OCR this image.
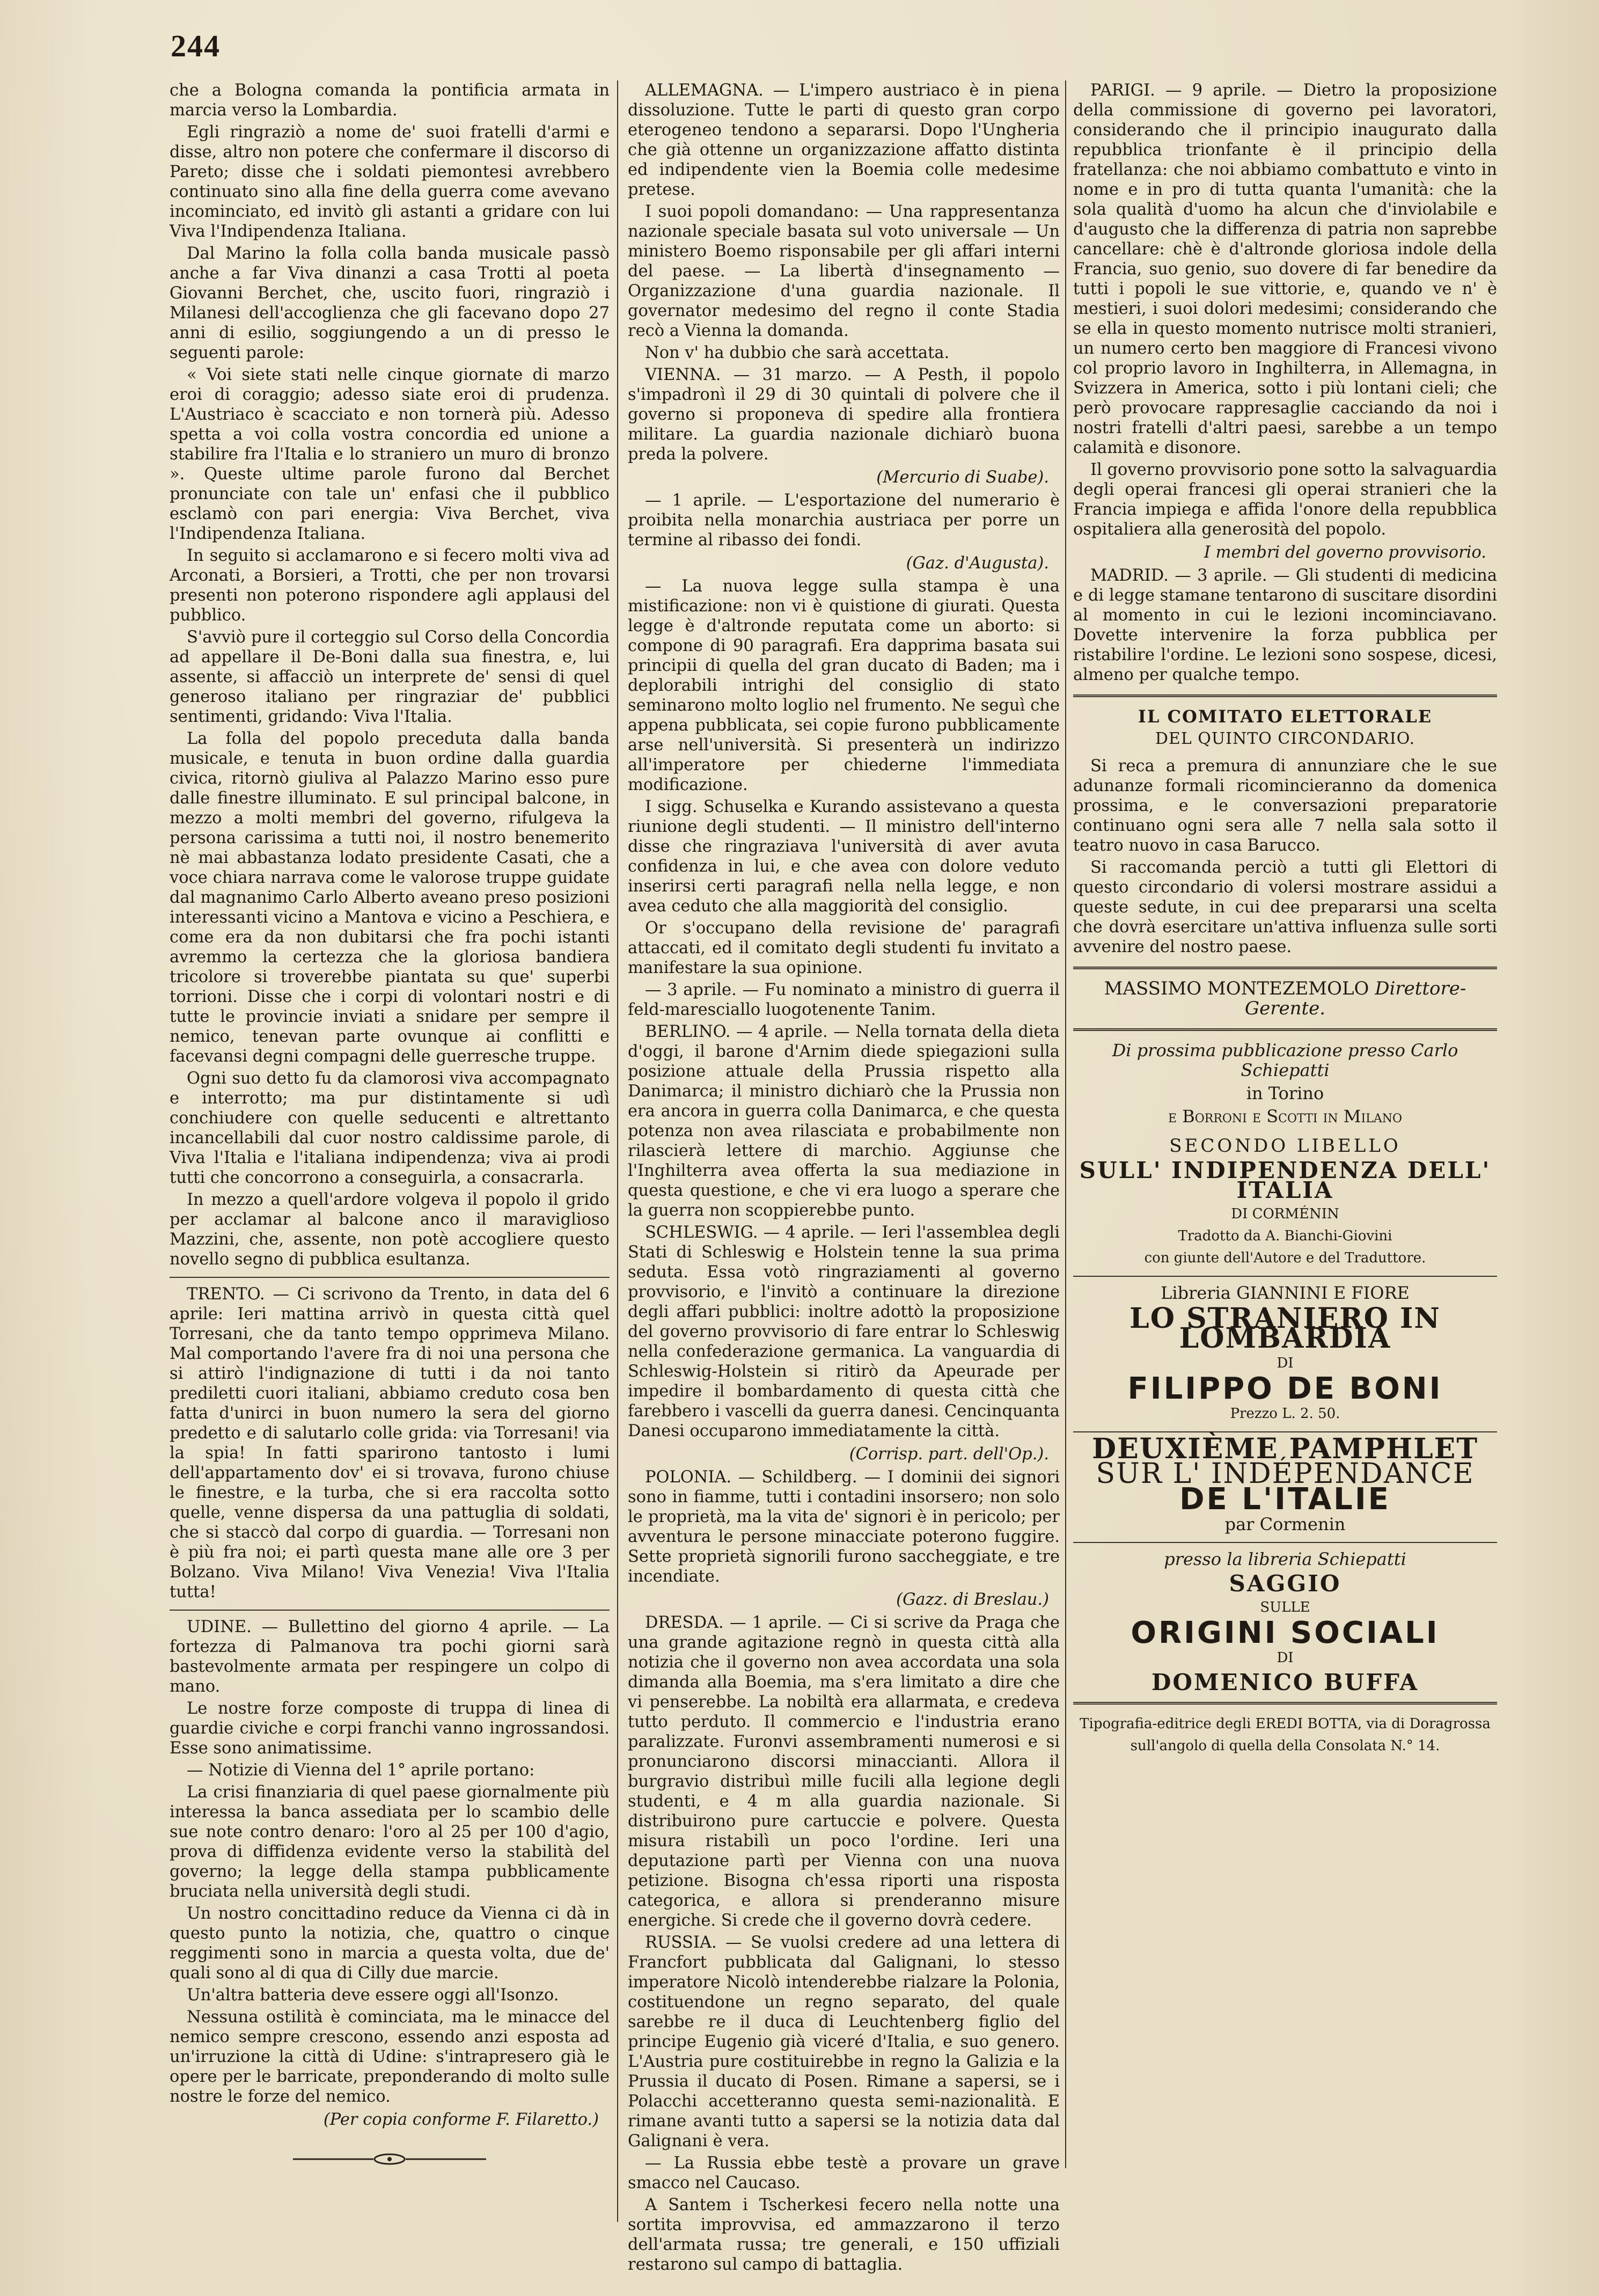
244

che a Bologna comanda la pontificia armata in marcia verso la Lombardia.

Egli ringraziò a nome de' suoi fratelli d'armi e disse, altro non potere che confermare il discorso di Pareto; disse che i soldati piemontesi avrebbero continuato sino alla fine della guerra come avevano incominciato, ed invitò gli astanti a gridare con lui Viva l'Indipendenza Italiana.

Dal Marino la folla colla banda musicale passò anche a far Viva dinanzi a casa Trotti al poeta Giovanni Berchet, che, uscito fuori, ringraziò i Milanesi dell'accoglienza che gli facevano dopo 27 anni di esilio, soggiungendo a un di presso le seguenti parole:

« Voi siete stati nelle cinque giornate di marzo eroi di coraggio; adesso siate eroi di prudenza. L'Austriaco è scacciato e non tornerà più. Adesso spetta a voi colla vostra concordia ed unione a stabilire fra l'Italia e lo straniero un muro di bronzo ». Queste ultime parole furono dal Berchet pronunciate con tale un' enfasi che il pubblico esclamò con pari energia: Viva Berchet, viva l'Indipendenza Italiana.

In seguito si acclamarono e si fecero molti viva ad Arconati, a Borsieri, a Trotti, che per non trovarsi presenti non poterono rispondere agli applausi del pubblico.

S'avviò pure il corteggio sul Corso della Concordia ad appellare il De-Boni dalla sua finestra, e, lui assente, si affacciò un interprete de' sensi di quel generoso italiano per ringraziar de' pubblici sentimenti, gridando: Viva l'Italia.

La folla del popolo preceduta dalla banda musicale, e tenuta in buon ordine dalla guardia civica, ritornò giuliva al Palazzo Marino esso pure dalle finestre illuminato. E sul principal balcone, in mezzo a molti membri del governo, rifulgeva la persona carissima a tutti noi, il nostro benemerito nè mai abbastanza lodato presidente Casati, che a voce chiara narrava come le valorose truppe guidate dal magnanimo Carlo Alberto aveano preso posizioni interessanti vicino a Mantova e vicino a Peschiera, e come era da non dubitarsi che fra pochi istanti avremmo la certezza che la gloriosa bandiera tricolore si troverebbe piantata su que' superbi torrioni. Disse che i corpi di volontari nostri e di tutte le provincie inviati a snidare per sempre il nemico, tenevan parte ovunque ai conflitti e facevansi degni compagni delle guerresche truppe.

Ogni suo detto fu da clamorosi viva accompagnato e interrotto; ma pur distintamente si udì conchiudere con quelle seducenti e altrettanto incancellabili dal cuor nostro caldissime parole, di Viva l'Italia e l'italiana indipendenza; viva ai prodi tutti che concorrono a conseguirla, a consacrarla.

In mezzo a quell'ardore volgeva il popolo il grido per acclamar al balcone anco il maraviglioso Mazzini, che, assente, non potè accogliere questo novello segno di pubblica esultanza.

TRENTO. — Ci scrivono da Trento, in data del 6 aprile: Ieri mattina arrivò in questa città quel Torresani, che da tanto tempo opprimeva Milano. Mal comportando l'avere fra di noi una persona che si attirò l'indignazione di tutti i da noi tanto prediletti cuori italiani, abbiamo creduto cosa ben fatta d'unirci in buon numero la sera del giorno predetto e di salutarlo colle grida: via Torresani! via la spia! In fatti sparirono tantosto i lumi dell'appartamento dov' ei si trovava, furono chiuse le finestre, e la turba, che si era raccolta sotto quelle, venne dispersa da una pattuglia di soldati, che si staccò dal corpo di guardia. — Torresani non è più fra noi; ei partì questa mane alle ore 3 per Bolzano. Viva Milano! Viva Venezia! Viva l'Italia tutta!

UDINE. — Bullettino del giorno 4 aprile. — La fortezza di Palmanova tra pochi giorni sarà bastevolmente armata per respingere un colpo di mano.

Le nostre forze composte di truppa di linea di guardie civiche e corpi franchi vanno ingrossandosi. Esse sono animatissime.

— Notizie di Vienna del 1° aprile portano:

La crisi finanziaria di quel paese giornalmente più interessa la banca assediata per lo scambio delle sue note contro denaro: l'oro al 25 per 100 d'agio, prova di diffidenza evidente verso la stabilità del governo; la legge della stampa pubblicamente bruciata nella università degli studi.

Un nostro concittadino reduce da Vienna ci dà in questo punto la notizia, che, quattro o cinque reggimenti sono in marcia a questa volta, due de' quali sono al di qua di Cilly due marcie.

Un'altra batteria deve essere oggi all'Isonzo.

Nessuna ostilità è cominciata, ma le minacce del nemico sempre crescono, essendo anzi esposta ad un'irruzione la città di Udine: s'intrapresero già le opere per le barricate, preponderando di molto sulle nostre le forze del nemico.

(Per copia conforme F. Filaretto.)

ALLEMAGNA. — L'impero austriaco è in piena dissoluzione. Tutte le parti di questo gran corpo eterogeneo tendono a separarsi. Dopo l'Ungheria che già ottenne un organizzazione affatto distinta ed indipendente vien la Boemia colle medesime pretese.

I suoi popoli domandano: — Una rappresentanza nazionale speciale basata sul voto universale — Un ministero Boemo risponsabile per gli affari interni del paese. — La libertà d'insegnamento — Organizzazione d'una guardia nazionale. Il governator medesimo del regno il conte Stadia recò a Vienna la domanda.

Non v' ha dubbio che sarà accettata.

VIENNA. — 31 marzo. — A Pesth, il popolo s'impadronì il 29 di 30 quintali di polvere che il governo si proponeva di spedire alla frontiera militare. La guardia nazionale dichiarò buona preda la polvere.

(Mercurio di Suabe).

— 1 aprile. — L'esportazione del numerario è proibita nella monarchia austriaca per porre un termine al ribasso dei fondi.

(Gaz. d'Augusta).

— La nuova legge sulla stampa è una mistificazione: non vi è quistione di giurati. Questa legge è d'altronde reputata come un aborto: si compone di 90 paragrafi. Era dapprima basata sui principii di quella del gran ducato di Baden; ma i deplorabili intrighi del consiglio di stato seminarono molto loglio nel frumento. Ne seguì che appena pubblicata, sei copie furono pubblicamente arse nell'università. Si presenterà un indirizzo all'imperatore per chiederne l'immediata modificazione.

I sigg. Schuselka e Kurando assistevano a questa riunione degli studenti. — Il ministro dell'interno disse che ringraziava l'università di aver avuta confidenza in lui, e che avea con dolore veduto inserirsi certi paragrafi nella nella legge, e non avea ceduto che alla maggiorità del consiglio.

Or s'occupano della revisione de' paragrafi attaccati, ed il comitato degli studenti fu invitato a manifestare la sua opinione.

— 3 aprile. — Fu nominato a ministro di guerra il feld-maresciallo luogotenente Tanim.

BERLINO. — 4 aprile. — Nella tornata della dieta d'oggi, il barone d'Arnim diede spiegazioni sulla posizione attuale della Prussia rispetto alla Danimarca; il ministro dichiarò che la Prussia non era ancora in guerra colla Danimarca, e che questa potenza non avea rilasciata e probabilmente non rilascierà lettere di marchio. Aggiunse che l'Inghilterra avea offerta la sua mediazione in questa questione, e che vi era luogo a sperare che la guerra non scoppierebbe punto.

SCHLESWIG. — 4 aprile. — Ieri l'assemblea degli Stati di Schleswig e Holstein tenne la sua prima seduta. Essa votò ringraziamenti al governo provvisorio, e l'invitò a continuare la direzione degli affari pubblici: inoltre adottò la proposizione del governo provvisorio di fare entrar lo Schleswig nella confederazione germanica. La vanguardia di Schleswig-Holstein si ritirò da Apeurade per impedire il bombardamento di questa città che farebbero i vascelli da guerra danesi. Cencinquanta Danesi occuparono immediatamente la città.

(Corrisp. part. dell'Op.).

POLONIA. — Schildberg. — I dominii dei signori sono in fiamme, tutti i contadini insorsero; non solo le proprietà, ma la vita de' signori è in pericolo; per avventura le persone minacciate poterono fuggire. Sette proprietà signorili furono saccheggiate, e tre incendiate.

(Gazz. di Breslau.)

DRESDA. — 1 aprile. — Ci si scrive da Praga che una grande agitazione regnò in questa città alla notizia che il governo non avea accordata una sola dimanda alla Boemia, ma s'era limitato a dire che vi penserebbe. La nobiltà era allarmata, e credeva tutto perduto. Il commercio e l'industria erano paralizzate. Furonvi assembramenti numerosi e si pronunciarono discorsi minaccianti. Allora il burgravio distribuì mille fucili alla legione degli studenti, e 4 m alla guardia nazionale. Si distribuirono pure cartuccie e polvere. Questa misura ristabilì un poco l'ordine. Ieri una deputazione partì per Vienna con una nuova petizione. Bisogna ch'essa riporti una risposta categorica, e allora si prenderanno misure energiche. Si crede che il governo dovrà cedere.

RUSSIA. — Se vuolsi credere ad una lettera di Francfort pubblicata dal Galignani, lo stesso imperatore Nicolò intenderebbe rialzare la Polonia, costituendone un regno separato, del quale sarebbe re il duca di Leuchtenberg figlio del principe Eugenio già viceré d'Italia, e suo genero. L'Austria pure costituirebbe in regno la Galizia e la Prussia il ducato di Posen. Rimane a sapersi, se i Polacchi accetteranno questa semi-nazionalità. E rimane avanti tutto a sapersi se la notizia data dal Galignani è vera.

— La Russia ebbe testè a provare un grave smacco nel Caucaso.

A Santem i Tscherkesi fecero nella notte una sortita improvvisa, ed ammazzarono il terzo dell'armata russa; tre generali, e 150 uffiziali restarono sul campo di battaglia.

PARIGI. — 9 aprile. — Dietro la proposizione della commissione di governo pei lavoratori, considerando che il principio inaugurato dalla repubblica trionfante è il principio della fratellanza: che noi abbiamo combattuto e vinto in nome e in pro di tutta quanta l'umanità: che la sola qualità d'uomo ha alcun che d'inviolabile e d'augusto che la differenza di patria non saprebbe cancellare: chè è d'altronde gloriosa indole della Francia, suo genio, suo dovere di far benedire da tutti i popoli le sue vittorie, e, quando ve n' è mestieri, i suoi dolori medesimi; considerando che se ella in questo momento nutrisce molti stranieri, un numero certo ben maggiore di Francesi vivono col proprio lavoro in Inghilterra, in Allemagna, in Svizzera in America, sotto i più lontani cieli; che però provocare rappresaglie cacciando da noi i nostri fratelli d'altri paesi, sarebbe a un tempo calamità e disonore.

Il governo provvisorio pone sotto la salvaguardia degli operai francesi gli operai stranieri che la Francia impiega e affida l'onore della repubblica ospitaliera alla generosità del popolo.

I membri del governo provvisorio.

MADRID. — 3 aprile. — Gli studenti di medicina e di legge stamane tentarono di suscitare disordini al momento in cui le lezioni incominciavano. Dovette intervenire la forza pubblica per ristabilire l'ordine. Le lezioni sono sospese, dicesi, almeno per qualche tempo.

IL COMITATO ELETTORALE
DEL QUINTO CIRCONDARIO.

Si reca a premura di annunziare che le sue adunanze formali ricomincieranno da domenica prossima, e le conversazioni preparatorie continuano ogni sera alle 7 nella sala sotto il teatro nuovo in casa Barucco.

Si raccomanda perciò a tutti gli Elettori di questo circondario di volersi mostrare assidui a queste sedute, in cui dee prepararsi una scelta che dovrà esercitare un'attiva influenza sulle sorti avvenire del nostro paese.

MASSIMO MONTEZEMOLO Direttore-Gerente.
Di prossima pubblicazione presso Carlo Schiepatti
in Torino
e Borroni e Scotti in Milano
SECONDO LIBELLO
SULL' INDIPENDENZA DELL' ITALIA
DI CORMÉNIN
Tradotto da A. Bianchi-Giovini
con giunte dell'Autore e del Traduttore.
Libreria GIANNINI E FIORE
LO STRANIERO IN LOMBARDIA
DI
FILIPPO DE BONI
Prezzo L. 2. 50.
DEUXIÈME PAMPHLET
SUR L' INDÉPENDANCE
DE L'ITALIE
par Cormenin
presso la libreria Schiepatti
SAGGIO
SULLE
ORIGINI SOCIALI
DI
DOMENICO BUFFA
Tipografia-editrice degli EREDI BOTTA, via di Doragrossa
sull'angolo di quella della Consolata N.° 14.
